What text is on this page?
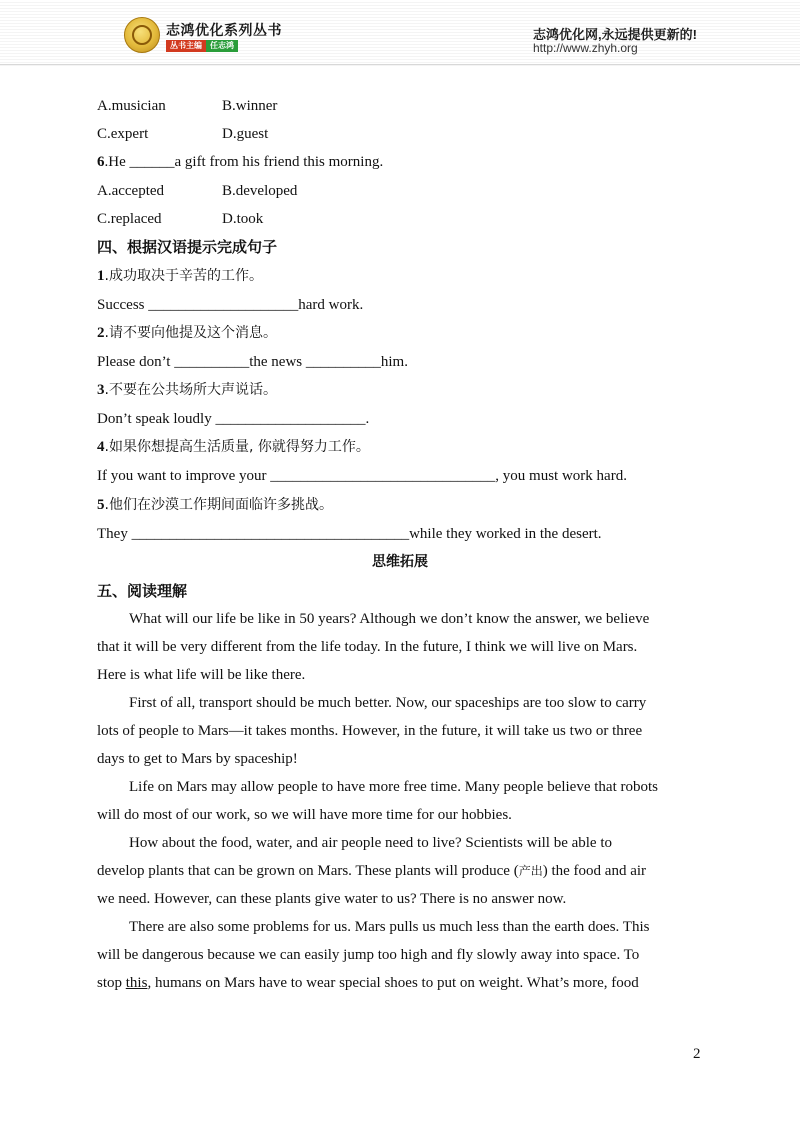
志鸿优化系列丛书
丛书主编	任志鸿
志鸿优化网,永远提供更新的!
http://www.zhyh.org
A.musician	B.winner
C.expert	D.guest
6.He ______a gift from his friend this morning.
A.accepted	B.developed
C.replaced	D.took
四、根据汉语提示完成句子
1.成功取决于辛苦的工作。
Success ____________________hard work.
2.请不要向他提及这个消息。
Please don’t __________the news __________him.
3.不要在公共场所大声说话。
Don’t speak loudly ____________________.
4.如果你想提高生活质量, 你就得努力工作。
If you want to improve your ______________________________, you must work hard.
5.他们在沙漠工作期间面临许多挑战。
They _____________________________________while they worked in the desert.
思维拓展
五、阅读理解

What will our life be like in 50 years? Although we don’t know the answer, we believe

that it will be very different from the life today. In the future, I think we will live on Mars.

Here is what life will be like there.

First of all, transport should be much better. Now, our spaceships are too slow to carry

lots of people to Mars—it takes months. However, in the future, it will take us two or three

days to get to Mars by spaceship!

Life on Mars may allow people to have more free time. Many people believe that robots

will do most of our work, so we will have more time for our hobbies.

How about the food, water, and air people need to live? Scientists will be able to

develop plants that can be grown on Mars. These plants will produce (产出) the food and air

we need. However, can these plants give water to us? There is no answer now.

There are also some problems for us. Mars pulls us much less than the earth does. This

will be dangerous because we can easily jump too high and fly slowly away into space. To

stop this, humans on Mars have to wear special shoes to put on weight. What’s more, food

2
